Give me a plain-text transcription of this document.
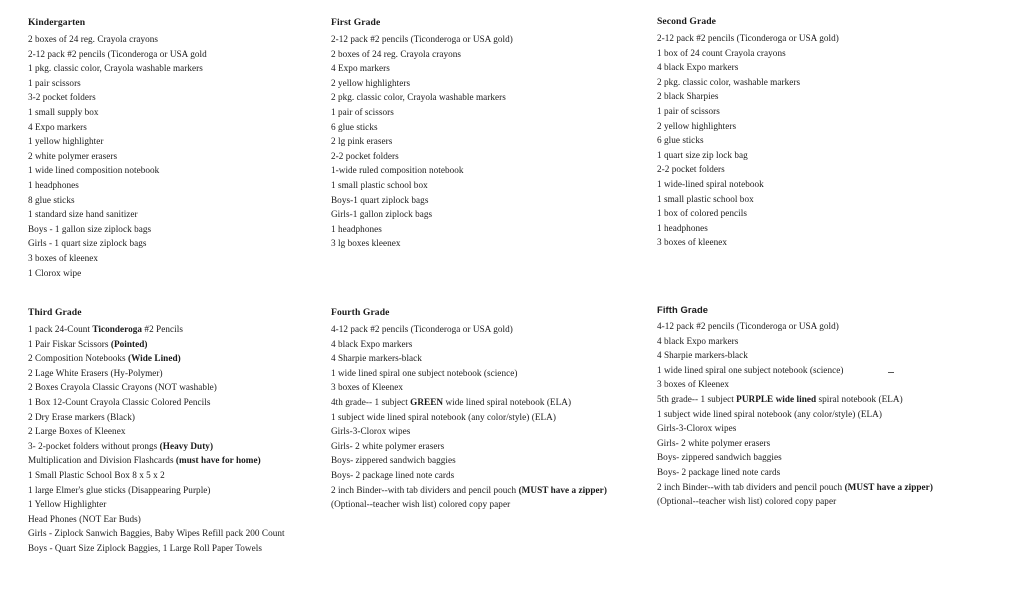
Kindergarten
2 boxes of 24 reg. Crayola crayons
2-12 pack #2 pencils (Ticonderoga or USA gold
1 pkg. classic color, Crayola washable markers
1 pair scissors
3-2 pocket folders
1 small supply box
4 Expo markers
1 yellow highlighter
2 white polymer erasers
1 wide lined composition notebook
1 headphones
8 glue sticks
1 standard size hand sanitizer
Boys - 1 gallon size ziplock bags
Girls - 1 quart size ziplock bags
3 boxes of kleenex
1 Clorox wipe
First Grade
2-12 pack #2 pencils (Ticonderoga or USA gold)
2 boxes of 24 reg. Crayola crayons
4 Expo markers
2 yellow highlighters
2 pkg. classic color, Crayola washable markers
1 pair of scissors
6 glue sticks
2 lg pink erasers
2-2 pocket folders
1-wide ruled composition notebook
1 small plastic school box
Boys-1 quart ziplock bags
Girls-1 gallon ziplock bags
1 headphones
3 lg boxes kleenex
Second Grade
2-12 pack #2 pencils (Ticonderoga or USA gold)
1 box of 24 count Crayola crayons
4 black Expo markers
2 pkg. classic color, washable markers
2 black Sharpies
1 pair of scissors
2 yellow highlighters
6 glue sticks
1 quart size zip lock bag
2-2 pocket folders
1 wide-lined spiral notebook
1 small plastic school box
1 box of colored pencils
1 headphones
3 boxes of kleenex
Third Grade
1 pack 24-Count Ticonderoga #2 Pencils
1 Pair Fiskar Scissors (Pointed)
2 Composition Notebooks (Wide Lined)
2 Lage White Erasers (Hy-Polymer)
2 Boxes Crayola Classic Crayons (NOT washable)
1 Box 12-Count Crayola Classic Colored Pencils
2 Dry Erase markers (Black)
2 Large Boxes of Kleenex
3- 2-pocket folders without prongs (Heavy Duty)
Multiplication and Division Flashcards (must have for home)
1 Small Plastic School Box 8 x 5 x 2
1 large Elmer's glue sticks (Disappearing Purple)
1 Yellow Highlighter
Head Phones (NOT Ear Buds)
Girls - Ziplock Sanwich Baggies, Baby Wipes Refill pack 200 Count
Boys - Quart Size Ziplock Baggies, 1 Large Roll Paper Towels
Fourth Grade
4-12 pack #2 pencils (Ticonderoga or USA gold)
4 black Expo markers
4 Sharpie markers-black
1 wide lined spiral one subject notebook (science)
3 boxes of Kleenex
4th grade-- 1 subject GREEN wide lined spiral notebook (ELA)
1 subject wide lined spiral notebook (any color/style) (ELA)
Girls-3-Clorox wipes
Girls- 2 white polymer erasers
Boys- zippered sandwich baggies
Boys- 2 package lined note cards
2 inch Binder--with tab dividers and pencil pouch (MUST have a zipper)
(Optional--teacher wish list) colored copy paper
Fifth Grade
4-12 pack #2 pencils (Ticonderoga or USA gold)
4 black Expo markers
4 Sharpie markers-black
1 wide lined spiral one subject notebook (science)
3 boxes of Kleenex
5th grade-- 1 subject PURPLE wide lined spiral notebook (ELA)
1 subject wide lined spiral notebook (any color/style) (ELA)
Girls-3-Clorox wipes
Girls- 2 white polymer erasers
Boys- zippered sandwich baggies
Boys- 2 package lined note cards
2 inch Binder--with tab dividers and pencil pouch (MUST have a zipper)
(Optional--teacher wish list) colored copy paper
